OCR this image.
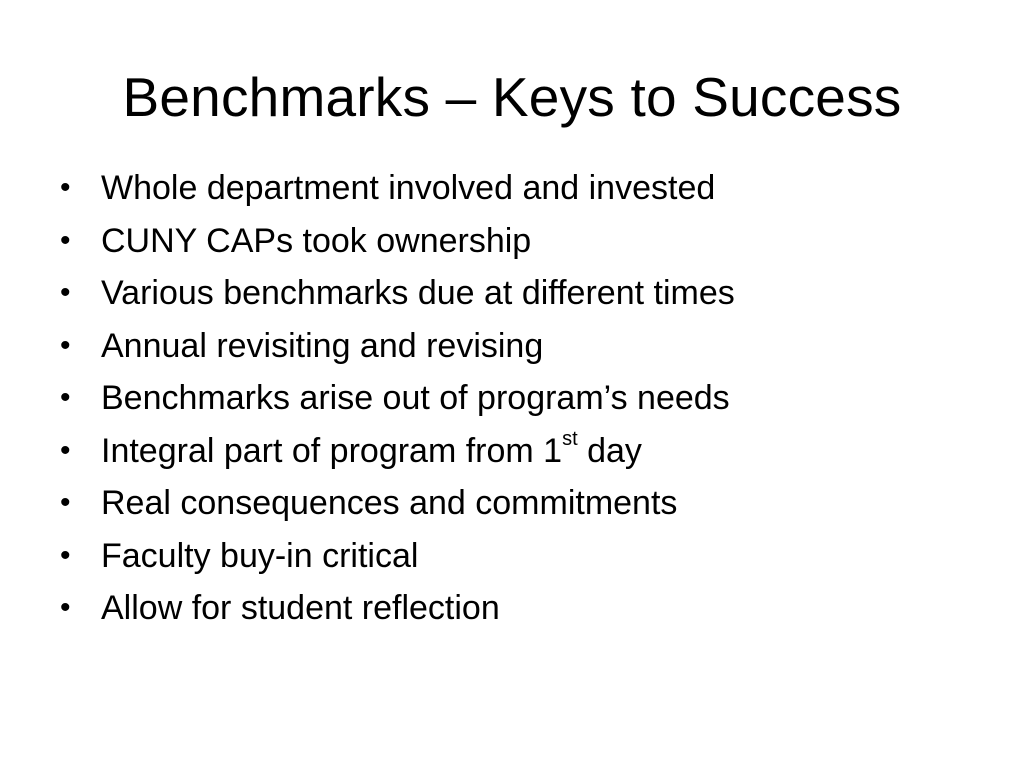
Benchmarks – Keys to Success
• Whole department involved and invested
• CUNY CAPs took ownership
• Various benchmarks due at different times
• Annual revisiting and revising
• Benchmarks arise out of program’s needs
• Integral part of program from 1st day
• Real consequences and commitments
• Faculty buy-in critical
• Allow for student reflection
